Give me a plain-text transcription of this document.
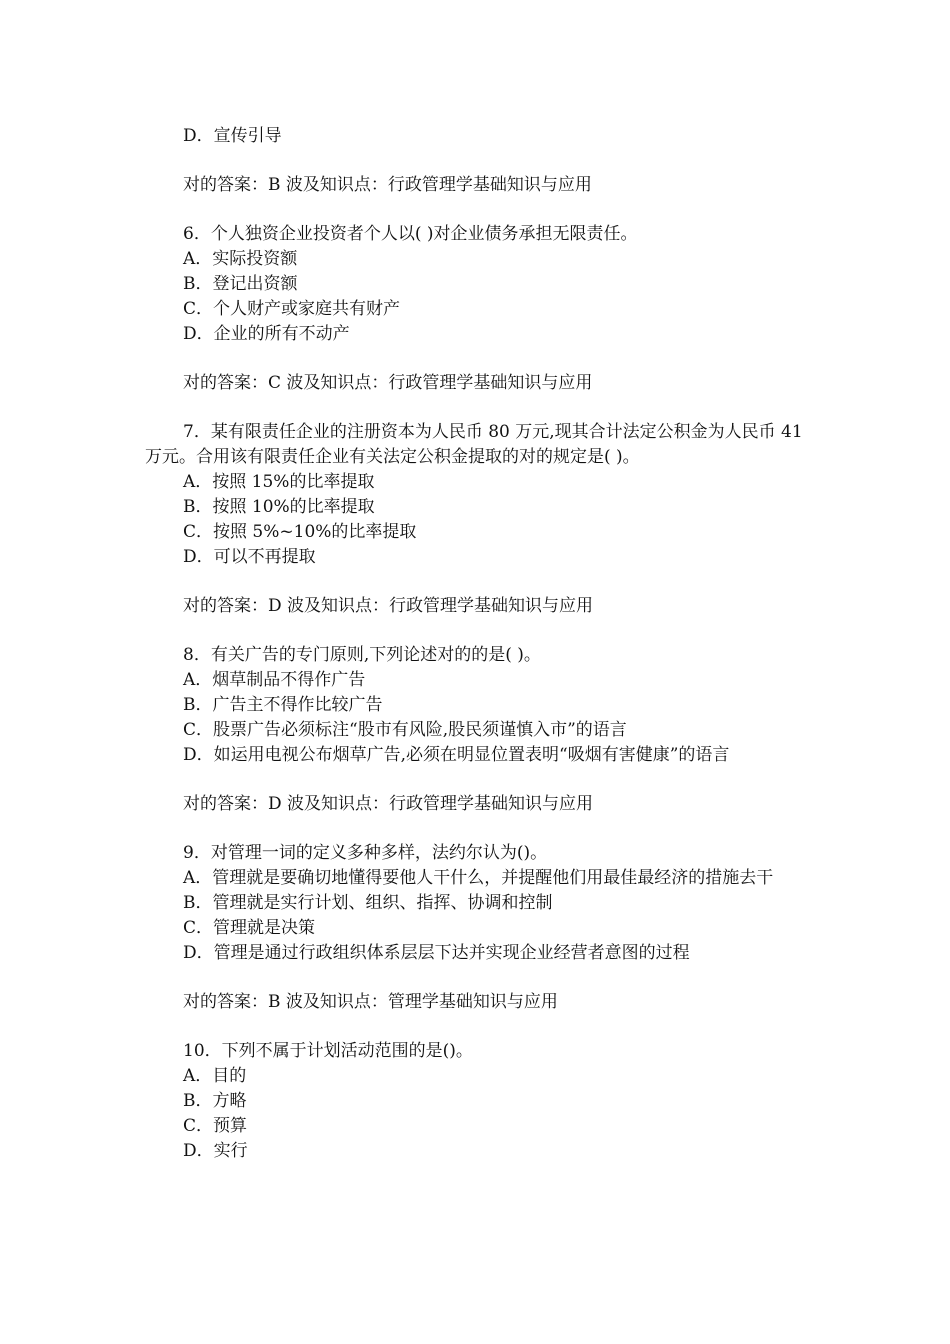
D．宣传引导
对的答案：B 波及知识点：行政管理学基础知识与应用
6．个人独资企业投资者个人以( )对企业债务承担无限责任。
A．实际投资额
B．登记出资额
C．个人财产或家庭共有财产
D．企业的所有不动产
对的答案：C 波及知识点：行政管理学基础知识与应用
7．某有限责任企业的注册资本为人民币 80 万元,现其合计法定公积金为人民币 41 万元。合用该有限责任企业有关法定公积金提取的对的规定是( )。
A．按照 15%的比率提取
B．按照 10%的比率提取
C．按照 5%~10%的比率提取
D．可以不再提取
对的答案：D 波及知识点：行政管理学基础知识与应用
8．有关广告的专门原则,下列论述对的的是( )。
A．烟草制品不得作广告
B．广告主不得作比较广告
C．股票广告必须标注“股市有风险,股民须谨慎入市”的语言
D．如运用电视公布烟草广告,必须在明显位置表明“吸烟有害健康”的语言
对的答案：D 波及知识点：行政管理学基础知识与应用
9．对管理一词的定义多种多样，法约尔认为()。
A．管理就是要确切地懂得要他人干什么，并提醒他们用最佳最经济的措施去干
B．管理就是实行计划、组织、指挥、协调和控制
C．管理就是决策
D．管理是通过行政组织体系层层下达并实现企业经营者意图的过程
对的答案：B 波及知识点：管理学基础知识与应用
10．下列不属于计划活动范围的是()。
A．目的
B．方略
C．预算
D．实行
